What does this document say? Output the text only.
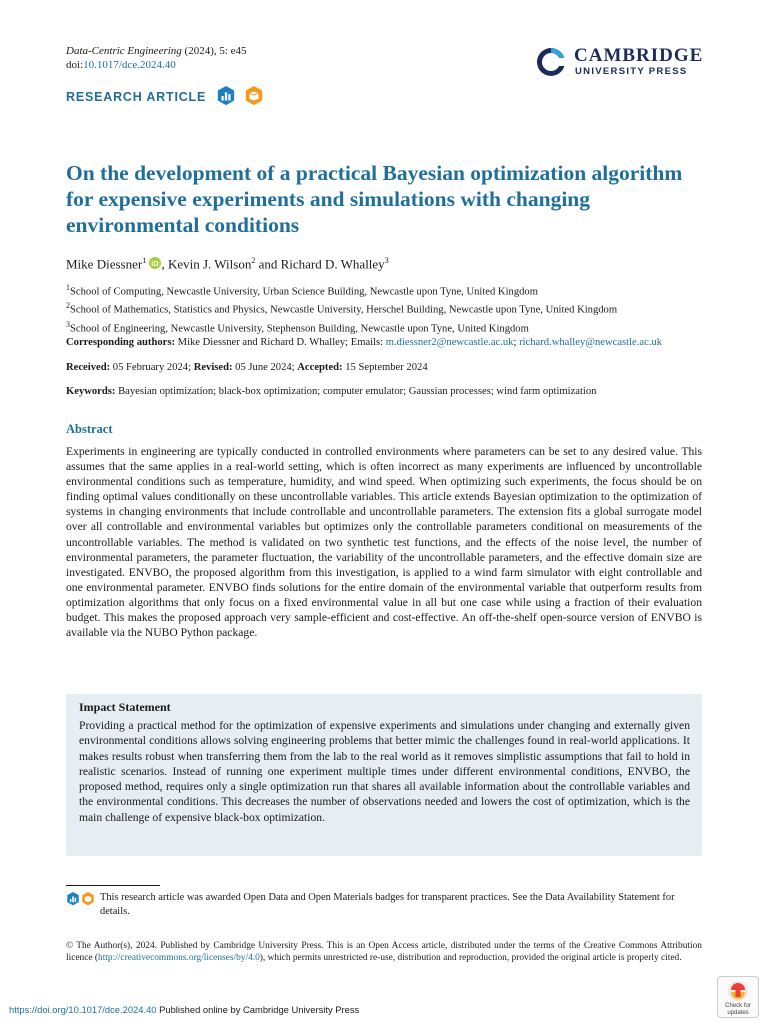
Data-Centric Engineering (2024), 5: e45
doi:10.1017/dce.2024.40	CAMBRIDGE
UNIVERSITY PRESS
RESEARCH ARTICLE
On the development of a practical Bayesian optimization algorithm for expensive experiments and simulations with changing environmental conditions
Mike Diessner$^1$ iD , Kevin J. Wilson$^2$ and Richard D. Whalley$^3$
$^1$School of Computing, Newcastle University, Urban Science Building, Newcastle upon Tyne, United Kingdom
$^2$School of Mathematics, Statistics and Physics, Newcastle University, Herschel Building, Newcastle upon Tyne, United Kingdom
$^3$School of Engineering, Newcastle University, Stephenson Building, Newcastle upon Tyne, United Kingdom
Corresponding authors: Mike Diessner and Richard D. Whalley; Emails: m.diessner2@newcastle.ac.uk; richard.whalley@newcastle.ac.uk
Received: 05 February 2024; Revised: 05 June 2024; Accepted: 15 September 2024
Keywords: Bayesian optimization; black-box optimization; computer emulator; Gaussian processes; wind farm optimization
Abstract
Experiments in engineering are typically conducted in controlled environments where parameters can be set to any desired value. This assumes that the same applies in a real-world setting, which is often incorrect as many experiments are influenced by uncontrollable environmental conditions such as temperature, humidity, and wind speed. When optimizing such experiments, the focus should be on finding optimal values conditionally on these uncontrollable variables. This article extends Bayesian optimization to the optimization of systems in changing environments that include controllable and uncontrollable parameters. The extension fits a global surrogate model over all controllable and environmental variables but optimizes only the controllable parameters conditional on measurements of the uncontrollable variables. The method is validated on two synthetic test functions, and the effects of the noise level, the number of environmental parameters, the parameter fluctuation, the variability of the uncontrollable parameters, and the effective domain size are investigated. ENVBO, the proposed algorithm from this investigation, is applied to a wind farm simulator with eight controllable and one environmental parameter. ENVBO finds solutions for the entire domain of the environmental variable that outperform results from optimization algorithms that only focus on a fixed environmental value in all but one case while using a fraction of their evaluation budget. This makes the proposed approach very sample-efficient and cost-effective. An off-the-shelf open-source version of ENVBO is available via the NUBO Python package.
Impact Statement
Providing a practical method for the optimization of expensive experiments and simulations under changing and externally given environmental conditions allows solving engineering problems that better mimic the challenges found in real-world applications. It makes results robust when transferring them from the lab to the real world as it removes simplistic assumptions that fail to hold in realistic scenarios. Instead of running one experiment multiple times under different environmental conditions, ENVBO, the proposed method, requires only a single optimization run that shares all available information about the controllable variables and the environmental conditions. This decreases the number of observations needed and lowers the cost of optimization, which is the main challenge of expensive black-box optimization.
This research article was awarded Open Data and Open Materials badges for transparent practices. See the Data Availability Statement for details.
© The Author(s), 2024. Published by Cambridge University Press. This is an Open Access article, distributed under the terms of the Creative Commons Attribution licence (http://creativecommons.org/licenses/by/4.0), which permits unrestricted re-use, distribution and reproduction, provided the original article is properly cited.
https://doi.org/10.1017/dce.2024.40 Published online by Cambridge University Press	Check for
updates
